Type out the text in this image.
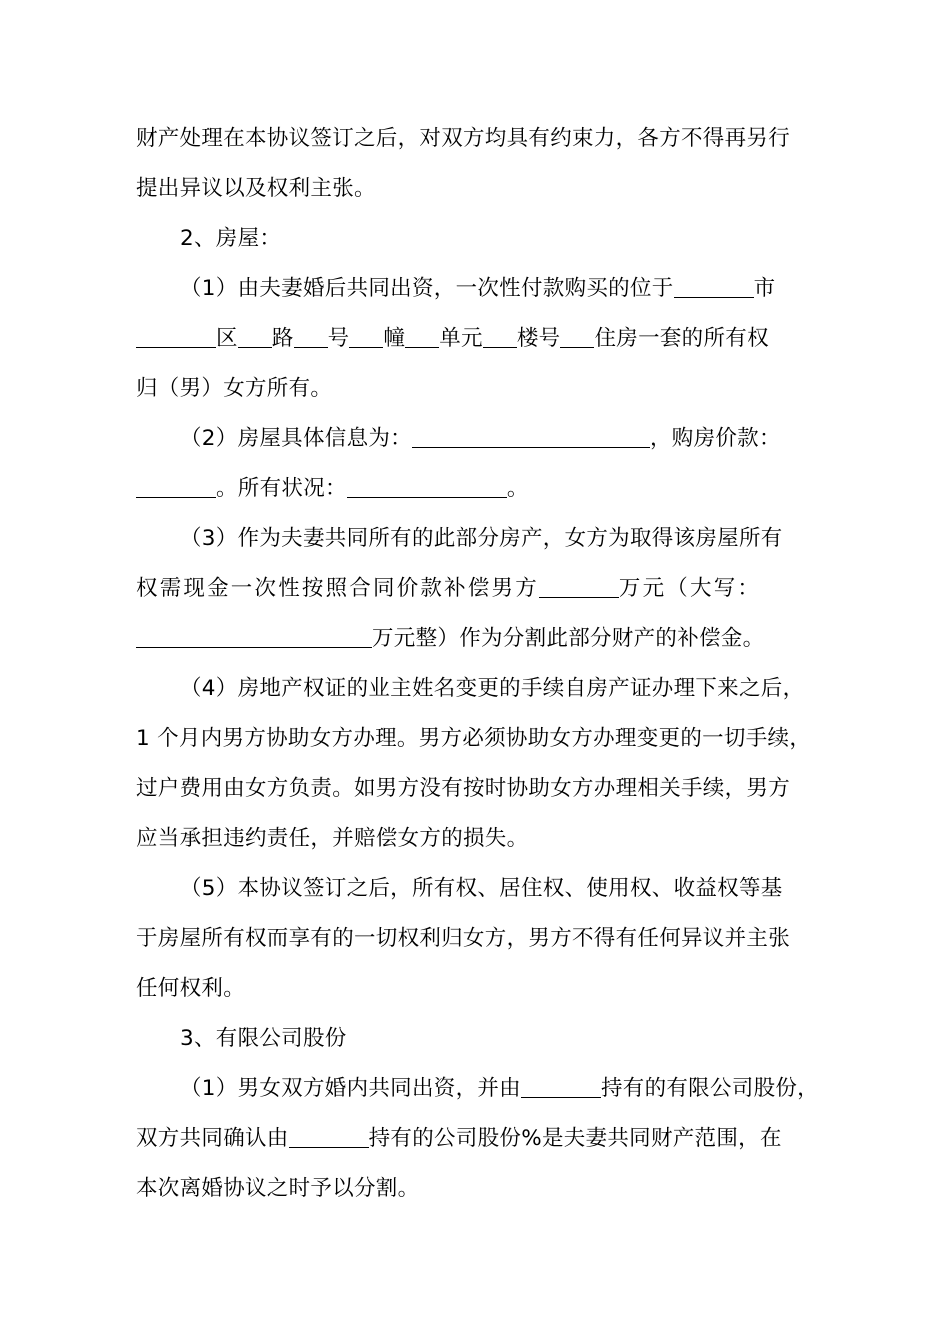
财产处理在本协议签订之后，对双方均具有约束力，各方不得再另行
提出异议以及权利主张。
2、房屋：
（1）由夫妻婚后共同出资，一次性付款购买的位于	市
区 路 号 幢 单元 楼号 住房一套的所有权
归（男）女方所有。
（2）房屋具体信息为：	，购房价款：
。所有状况：	。
（3）作为夫妻共同所有的此部分房产，女方为取得该房屋所有
权需现金一次性按照合同价款补偿男方	万元（大写：
万元整）作为分割此部分财产的补偿金。
（4）房地产权证的业主姓名变更的手续自房产证办理下来之后，
1 个月内男方协助女方办理。男方必须协助女方办理变更的一切手续，
过户费用由女方负责。如男方没有按时协助女方办理相关手续，男方
应当承担违约责任，并赔偿女方的损失。
（5）本协议签订之后，所有权、居住权、使用权、收益权等基
于房屋所有权而享有的一切权利归女方，男方不得有任何异议并主张
任何权利。
3、有限公司股份
（1）男女双方婚内共同出资，并由	持有的有限公司股份，
双方共同确认由	持有的公司股份%是夫妻共同财产范围，在
本次离婚协议之时予以分割。
